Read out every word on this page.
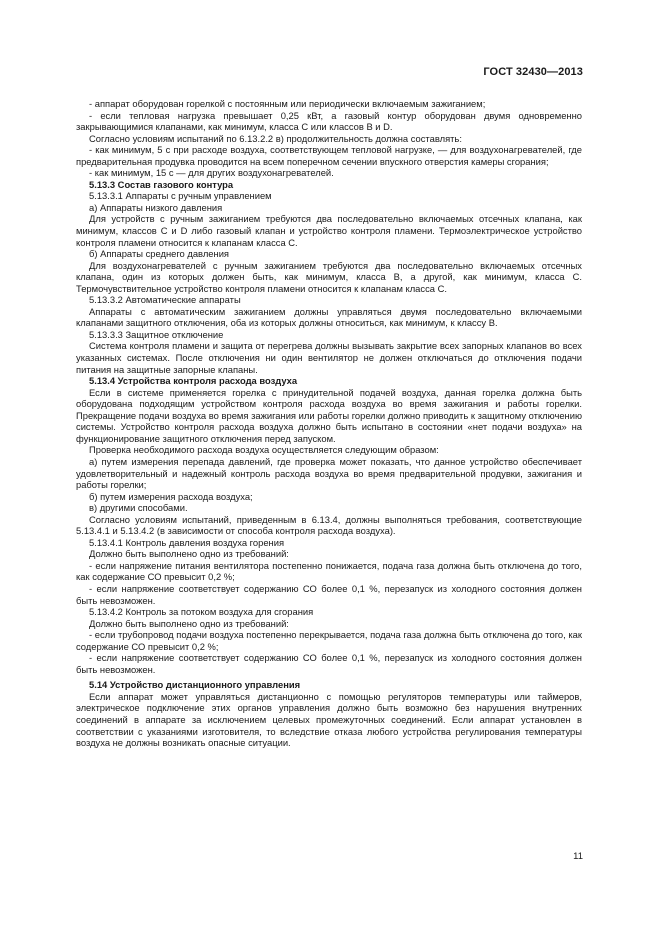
ГОСТ 32430—2013

- аппарат оборудован горелкой с постоянным или периодически включаемым зажиганием;

- если тепловая нагрузка превышает 0,25 кВт, а газовый контур оборудован двумя одновременно закрывающимися клапанами, как минимум, класса С или классов В и D.

Согласно условиям испытаний по 6.13.2.2 в) продолжительность должна составлять:

- как минимум, 5 с при расходе воздуха, соответствующем тепловой нагрузке, — для воздухонагревателей, где предварительная продувка проводится на всем поперечном сечении впускного отверстия камеры сгорания;

- как минимум, 15 с — для других воздухонагревателей.

5.13.3 Состав газового контура

5.13.3.1 Аппараты с ручным управлением

а) Аппараты низкого давления

Для устройств с ручным зажиганием требуются два последовательно включаемых отсечных клапана, как минимум, классов С и D либо газовый клапан и устройство контроля пламени. Термоэлектрическое устройство контроля пламени относится к клапанам класса С.

б) Аппараты среднего давления

Для воздухонагревателей с ручным зажиганием требуются два последовательно включаемых отсечных клапана, один из которых должен быть, как минимум, класса В, а другой, как минимум, класса С. Термочувствительное устройство контроля пламени относится к клапанам класса С.

5.13.3.2 Автоматические аппараты

Аппараты с автоматическим зажиганием должны управляться двумя последовательно включаемыми клапанами защитного отключения, оба из которых должны относиться, как минимум, к классу В.

5.13.3.3 Защитное отключение

Система контроля пламени и защита от перегрева должны вызывать закрытие всех запорных клапанов во всех указанных системах. После отключения ни один вентилятор не должен отключаться до отключения подачи питания на защитные запорные клапаны.

5.13.4 Устройства контроля расхода воздуха

Если в системе применяется горелка с принудительной подачей воздуха, данная горелка должна быть оборудована подходящим устройством контроля расхода воздуха во время зажигания и работы горелки. Прекращение подачи воздуха во время зажигания или работы горелки должно приводить к защитному отключению системы. Устройство контроля расхода воздуха должно быть испытано в состоянии «нет подачи воздуха» на функционирование защитного отключения перед запуском.

Проверка необходимого расхода воздуха осуществляется следующим образом:

а) путем измерения перепада давлений, где проверка может показать, что данное устройство обеспечивает удовлетворительный и надежный контроль расхода воздуха во время предварительной продувки, зажигания и работы горелки;

б) путем измерения расхода воздуха;

в) другими способами.

Согласно условиям испытаний, приведенным в 6.13.4, должны выполняться требования, соответствующие 5.13.4.1 и 5.13.4.2 (в зависимости от способа контроля расхода воздуха).

5.13.4.1 Контроль давления воздуха горения

Должно быть выполнено одно из требований:

- если напряжение питания вентилятора постепенно понижается, подача газа должна быть отключена до того, как содержание СО превысит 0,2 %;

- если напряжение соответствует содержанию СО более 0,1 %, перезапуск из холодного состояния должен быть невозможен.

5.13.4.2 Контроль за потоком воздуха для сгорания

Должно быть выполнено одно из требований:

- если трубопровод подачи воздуха постепенно перекрывается, подача газа должна быть отключена до того, как содержание СО превысит 0,2 %;

- если напряжение соответствует содержанию СО более 0,1 %, перезапуск из холодного состояния должен быть невозможен.

5.14 Устройство дистанционного управления

Если аппарат может управляться дистанционно с помощью регуляторов температуры или таймеров, электрическое подключение этих органов управления должно быть возможно без нарушения внутренних соединений в аппарате за исключением целевых промежуточных соединений. Если аппарат установлен в соответствии с указаниями изготовителя, то вследствие отказа любого устройства регулирования температуры воздуха не должны возникать опасные ситуации.

11
